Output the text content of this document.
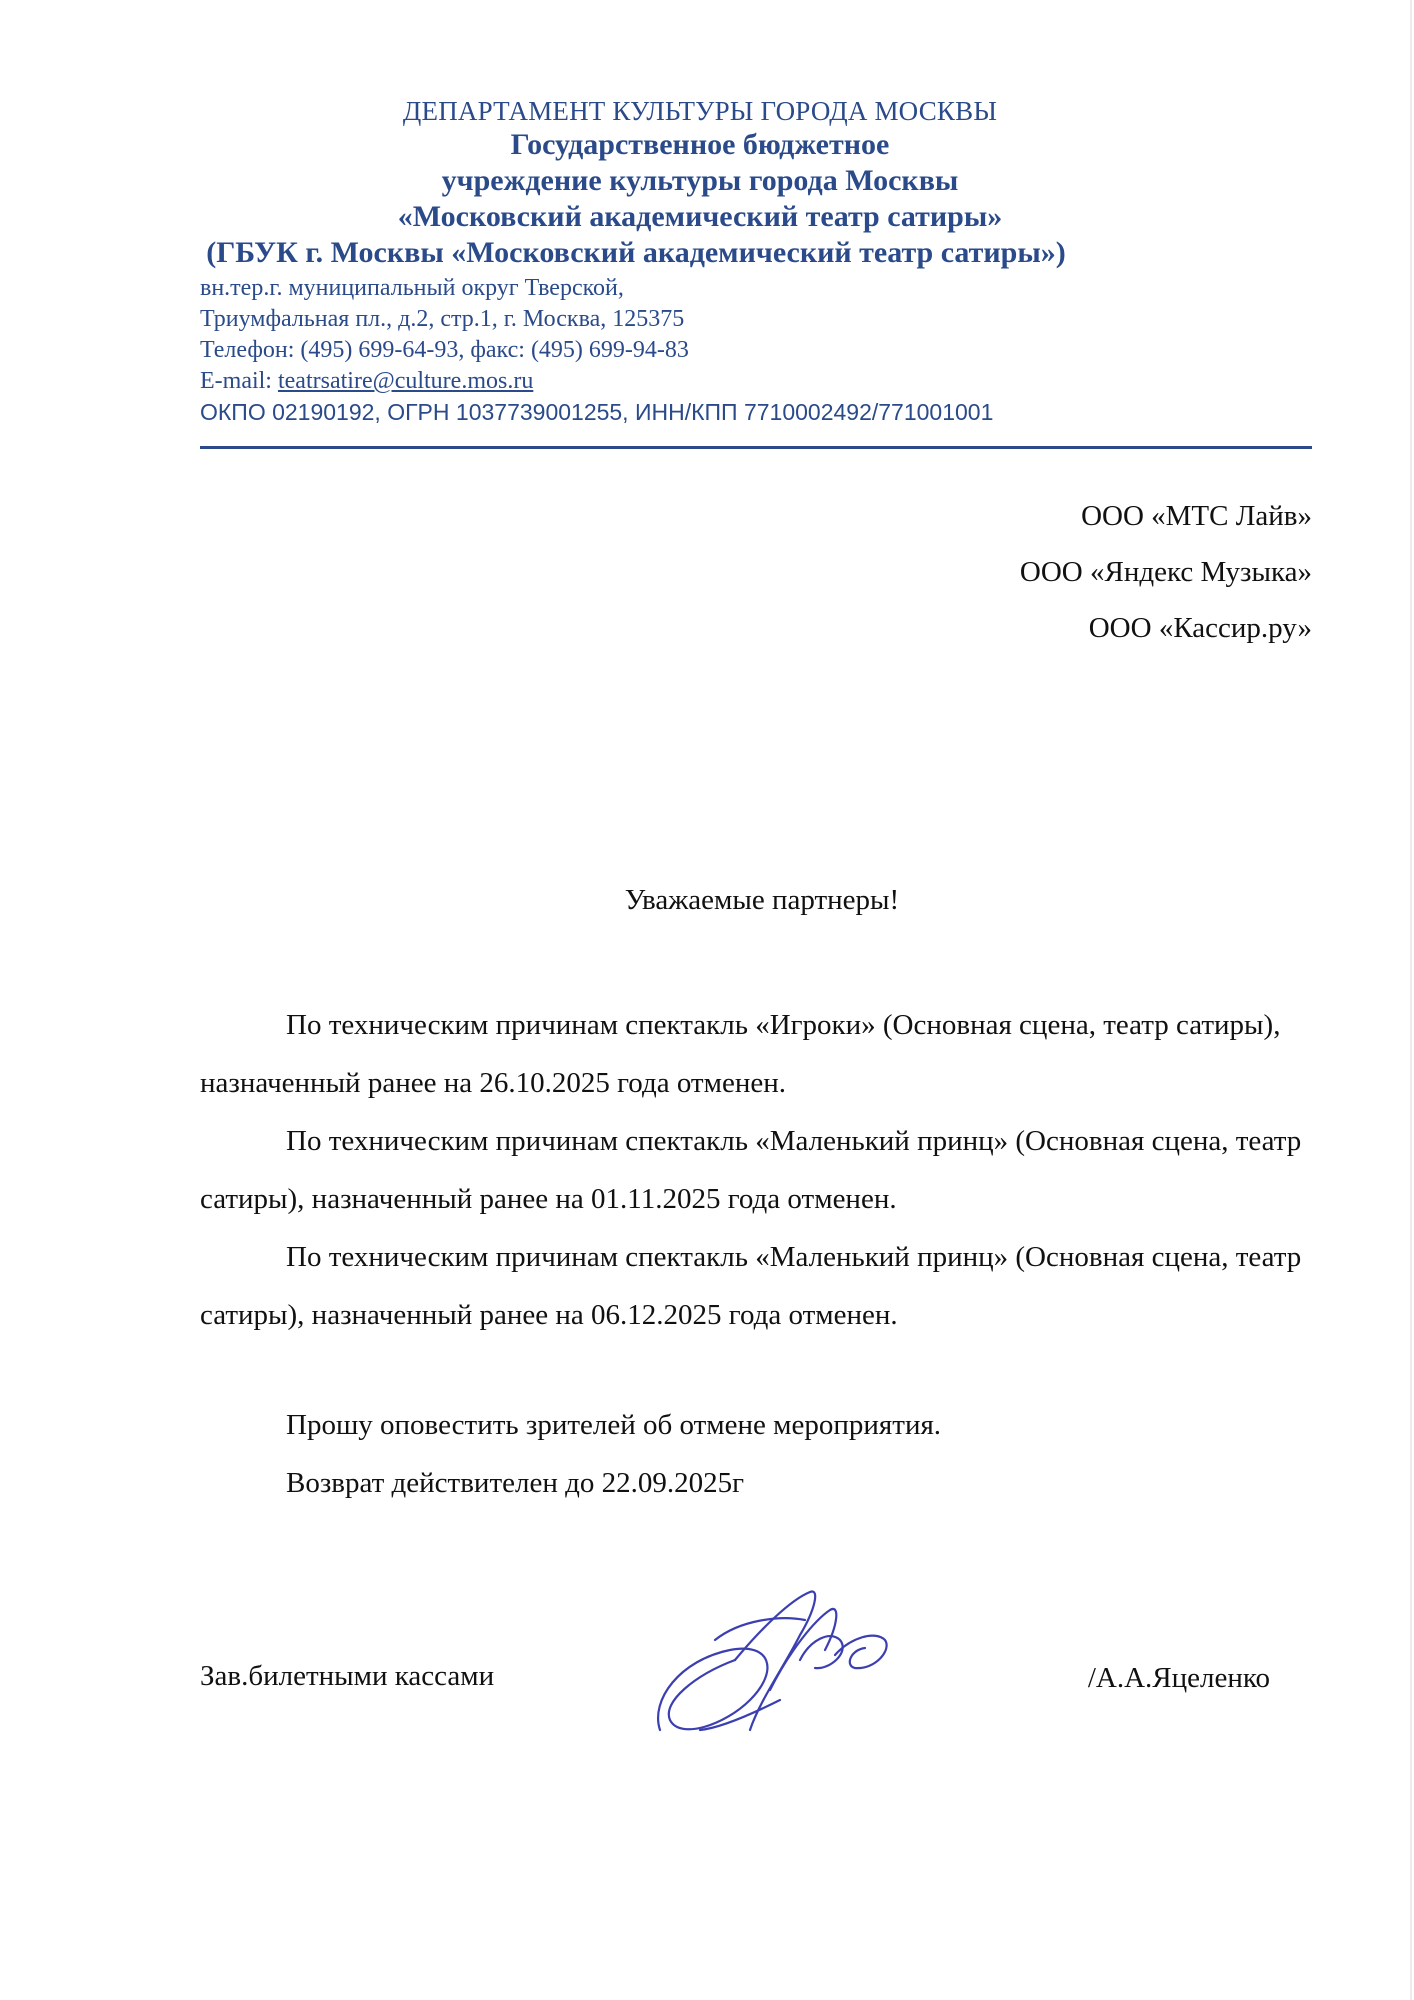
ДЕПАРТАМЕНТ КУЛЬТУРЫ ГОРОДА МОСКВЫ
Государственное бюджетное
учреждение культуры города Москвы
«Московский академический театр сатиры»
(ГБУК г. Москвы «Московский академический театр сатиры»)
вн.тер.г. муниципальный округ Тверской,
Триумфальная пл., д.2, стр.1, г. Москва, 125375
Телефон: (495) 699-64-93, факс: (495) 699-94-83
E-mail: teatrsatire@culture.mos.ru
ОКПО 02190192, ОГРН 1037739001255, ИНН/КПП 7710002492/771001001
ООО «МТС Лайв»
ООО «Яндекс Музыка»
ООО «Кассир.ру»
Уважаемые партнеры!

По техническим причинам спектакль «Игроки» (Основная сцена, театр сатиры), назначенный ранее на 26.10.2025 года отменен.

По техническим причинам спектакль «Маленький принц» (Основная сцена, театр сатиры), назначенный ранее на 01.11.2025 года отменен.

По техническим причинам спектакль «Маленький принц» (Основная сцена, театр сатиры), назначенный ранее на 06.12.2025 года отменен.

Прошу оповестить зрителей об отмене мероприятия.

Возврат действителен до 22.09.2025г

Зав.билетными кассами	/А.А.Яцеленко
